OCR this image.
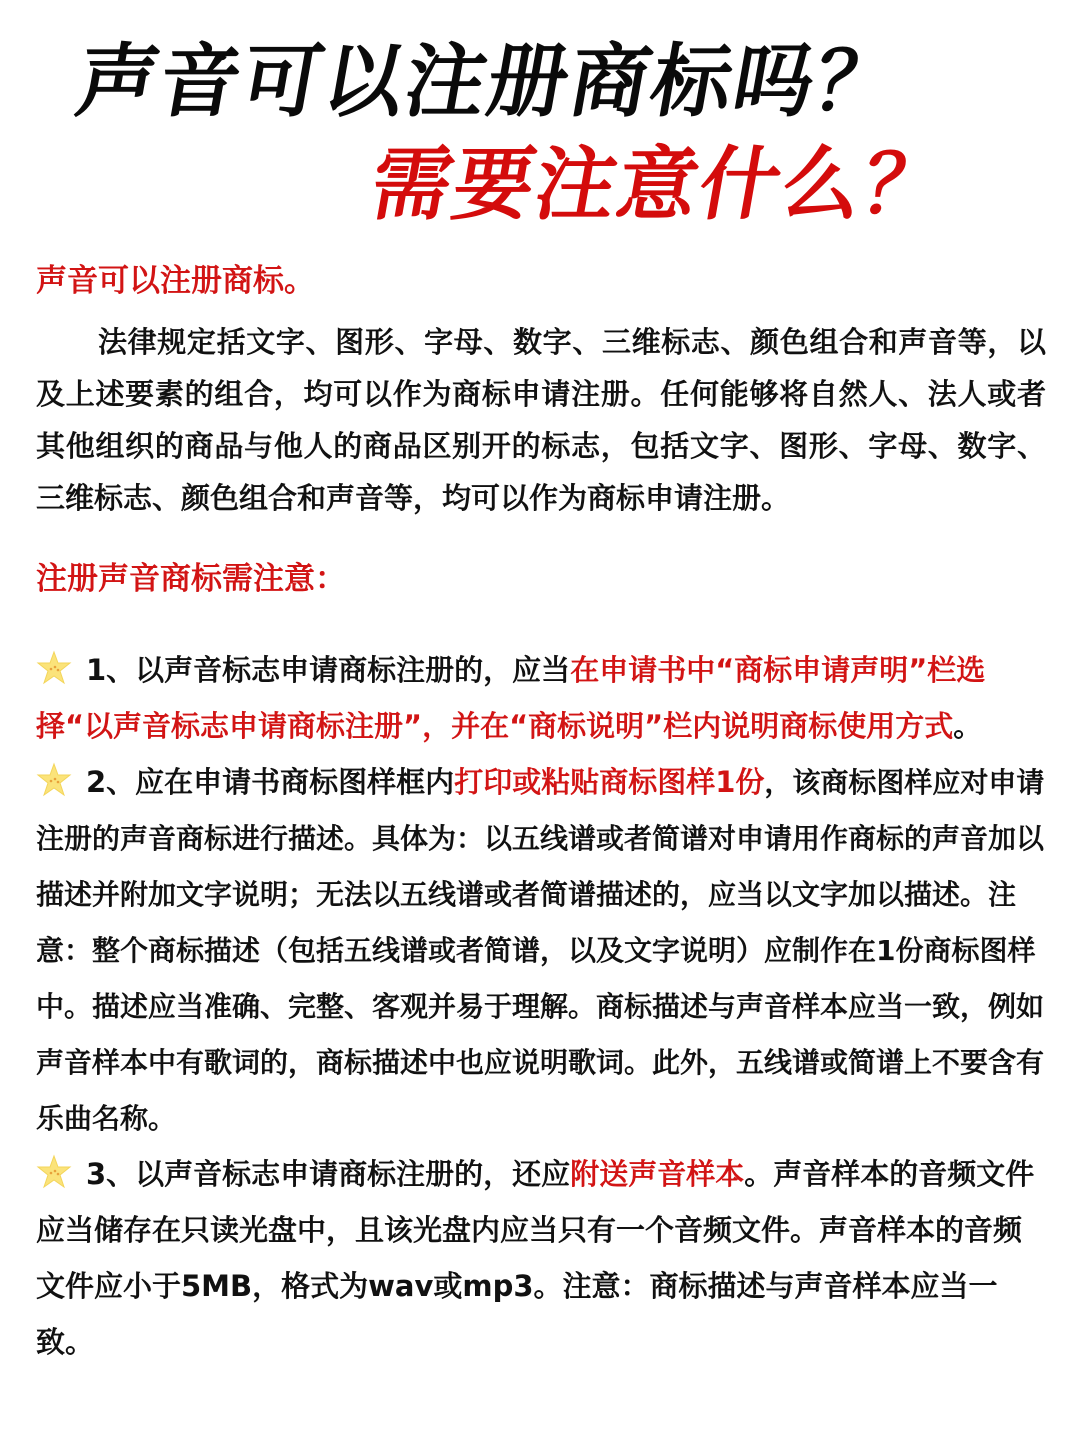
声音可以注册商标吗？
需要注意什么？

声音可以注册商标。

法律规定括文字、图形、字母、数字、三维标志、颜色组合和声音等，以及上述要素的组合，均可以作为商标申请注册。任何能够将自然人、法人或者其他组织的商品与他人的商品区别开的标志，包括文字、图形、字母、数字、三维标志、颜色组合和声音等，均可以作为商标申请注册。

注册声音商标需注意：

1、以声音标志申请商标注册的，应当在申请书中“商标申请声明”栏选择“以声音标志申请商标注册”，并在“商标说明”栏内说明商标使用方式。

2、应在申请书商标图样框内打印或粘贴商标图样1份，该商标图样应对申请注册的声音商标进行描述。具体为：以五线谱或者简谱对申请用作商标的声音加以描述并附加文字说明；无法以五线谱或者简谱描述的，应当以文字加以描述。注意：整个商标描述（包括五线谱或者简谱，以及文字说明）应制作在1份商标图样中。描述应当准确、完整、客观并易于理解。商标描述与声音样本应当一致，例如声音样本中有歌词的，商标描述中也应说明歌词。此外，五线谱或简谱上不要含有乐曲名称。

3、以声音标志申请商标注册的，还应附送声音样本。声音样本的音频文件应当储存在只读光盘中，且该光盘内应当只有一个音频文件。声音样本的音频文件应小于5MB，格式为wav或mp3。注意：商标描述与声音样本应当一致。
